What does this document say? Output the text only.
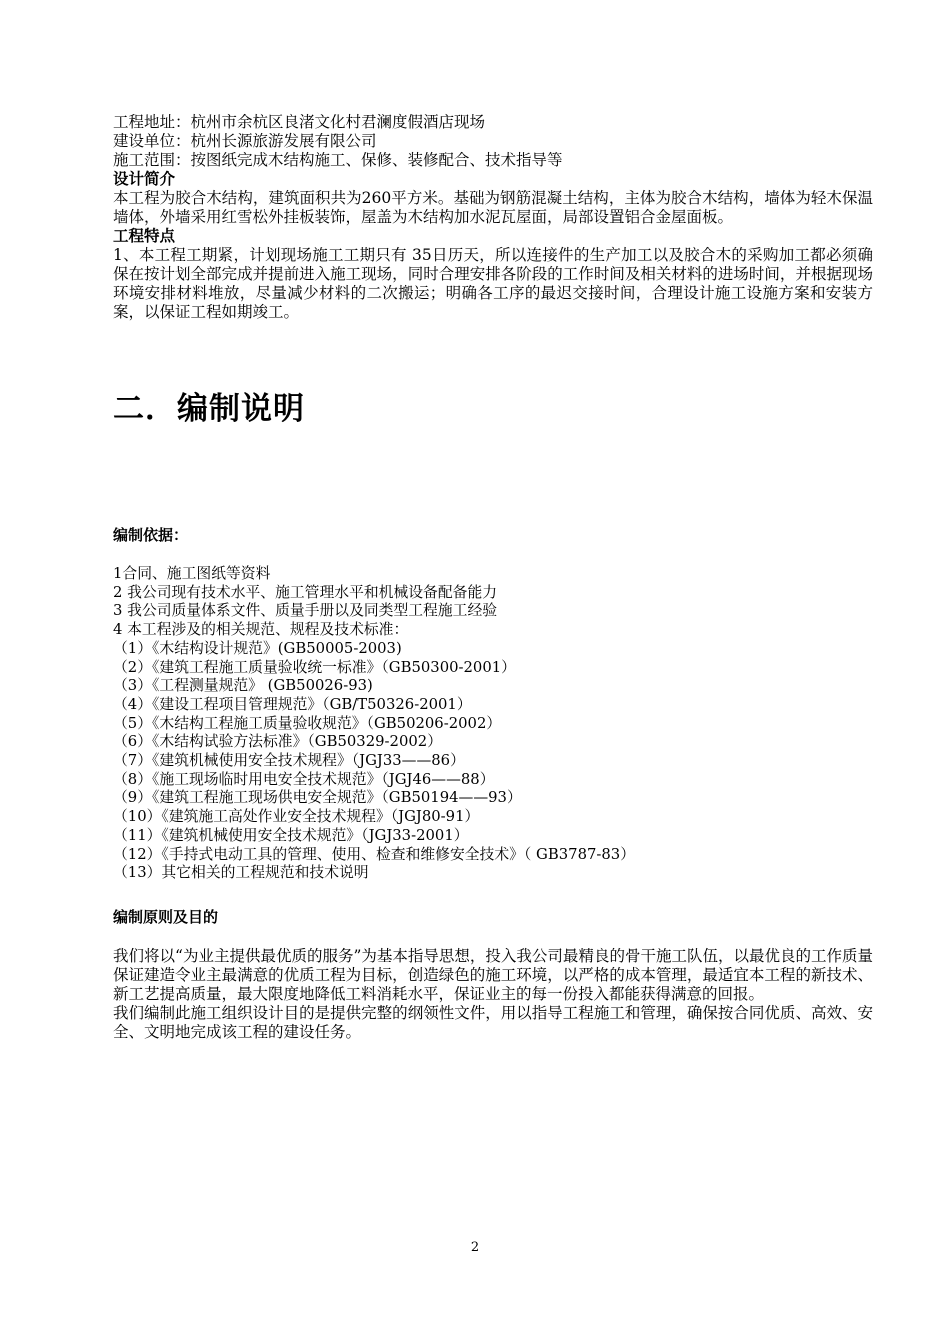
工程地址：杭州市余杭区良渚文化村君澜度假酒店现场
建设单位：杭州长源旅游发展有限公司
施工范围：按图纸完成木结构施工、保修、装修配合、技术指导等
设计简介
本工程为胶合木结构，建筑面积共为260平方米。基础为钢筋混凝土结构，主体为胶合木结构，墙体为轻木保温墙体，外墙采用红雪松外挂板装饰，屋盖为木结构加水泥瓦屋面，局部设置铝合金屋面板。
工程特点
1、本工程工期紧，计划现场施工工期只有 35日历天，所以连接件的生产加工以及胶合木的采购加工都必须确保在按计划全部完成并提前进入施工现场，同时合理安排各阶段的工作时间及相关材料的进场时间，并根据现场环境安排材料堆放，尽量减少材料的二次搬运；明确各工序的最迟交接时间，合理设计施工设施方案和安装方案，以保证工程如期竣工。
二．编制说明
编制依据：
1合同、施工图纸等资料
2 我公司现有技术水平、施工管理水平和机械设备配备能力
3 我公司质量体系文件、质量手册以及同类型工程施工经验
4 本工程涉及的相关规范、规程及技术标准：
（1）《木结构设计规范》(GB50005-2003)
（2）《建筑工程施工质量验收统一标准》（GB50300-2001）
（3）《工程测量规范》 (GB50026-93)
（4）《建设工程项目管理规范》（GB/T50326-2001）
（5）《木结构工程施工质量验收规范》（GB50206-2002）
（6）《木结构试验方法标准》（GB50329-2002）
（7）《建筑机械使用安全技术规程》（JGJ33——86）
（8）《施工现场临时用电安全技术规范》（JGJ46——88）
（9）《建筑工程施工现场供电安全规范》（GB50194——93）
（10）《建筑施工高处作业安全技术规程》（JGJ80-91）
（11）《建筑机械使用安全技术规范》（JGJ33-2001）
（12）《手持式电动工具的管理、使用、检查和维修安全技术》（ GB3787-83）
（13）其它相关的工程规范和技术说明
编制原则及目的
我们将以“为业主提供最优质的服务”为基本指导思想，投入我公司最精良的骨干施工队伍，以最优良的工作质量保证建造令业主最满意的优质工程为目标，创造绿色的施工环境，以严格的成本管理，最适宜本工程的新技术、新工艺提高质量，最大限度地降低工料消耗水平，保证业主的每一份投入都能获得满意的回报。
我们编制此施工组织设计目的是提供完整的纲领性文件，用以指导工程施工和管理，确保按合同优质、高效、安全、文明地完成该工程的建设任务。
2
